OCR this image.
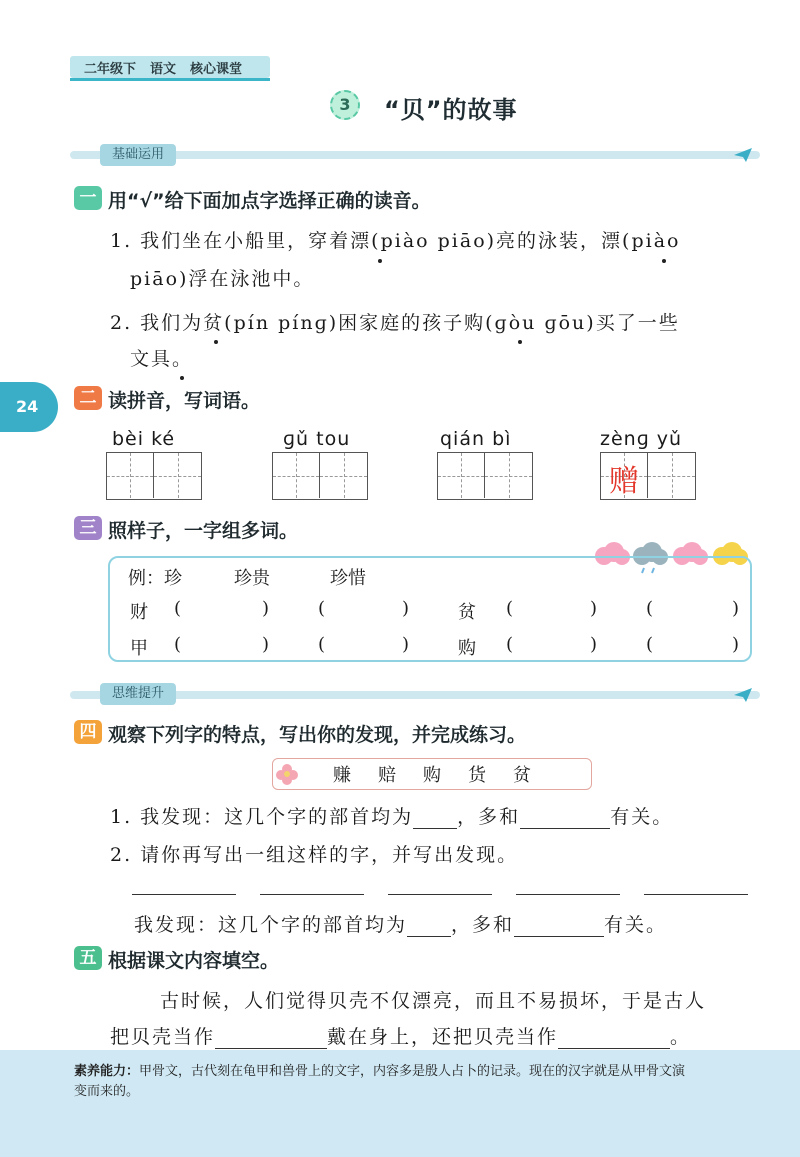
二年级下 语文 核心课堂
3	“贝”的故事
基础运用
一 用“√”给下面加点字选择正确的读音。
1. 我们坐在小船里，穿着漂(piào piāo)亮的泳装，漂(piào
piāo)浮在泳池中。
2. 我们为贫(pín pínɡ)困家庭的孩子购(ɡòu ɡōu)买了一些
文具。
24	二 读拼音，写词语。
bèi ké	ɡǔ tou	qián bì	zènɡ yǔ
赠
三 照样子，一字组多词。
例：珍	珍贵	珍惜
财 (	)	(	)	贫 (	)	(	)
甲 (	)	(	)	购 (	)	(	)
思维提升
四 观察下列字的特点，写出你的发现，并完成练习。
赚 赔 购 货 贫
1. 我发现：这几个字的部首均为 ，多和	有关。
2. 请你再写出一组这样的字，并写出发现。
我发现：这几个字的部首均为 ，多和	有关。
五 根据课文内容填空。
古时候，人们觉得贝壳不仅漂亮，而且不易损坏，于是古人
把贝壳当作	戴在身上，还把贝壳当作	。
素养能力：甲骨文，古代刻在龟甲和兽骨上的文字，内容多是殷人占卜的记录。现在的汉字就是从甲骨文演
变而来的。
